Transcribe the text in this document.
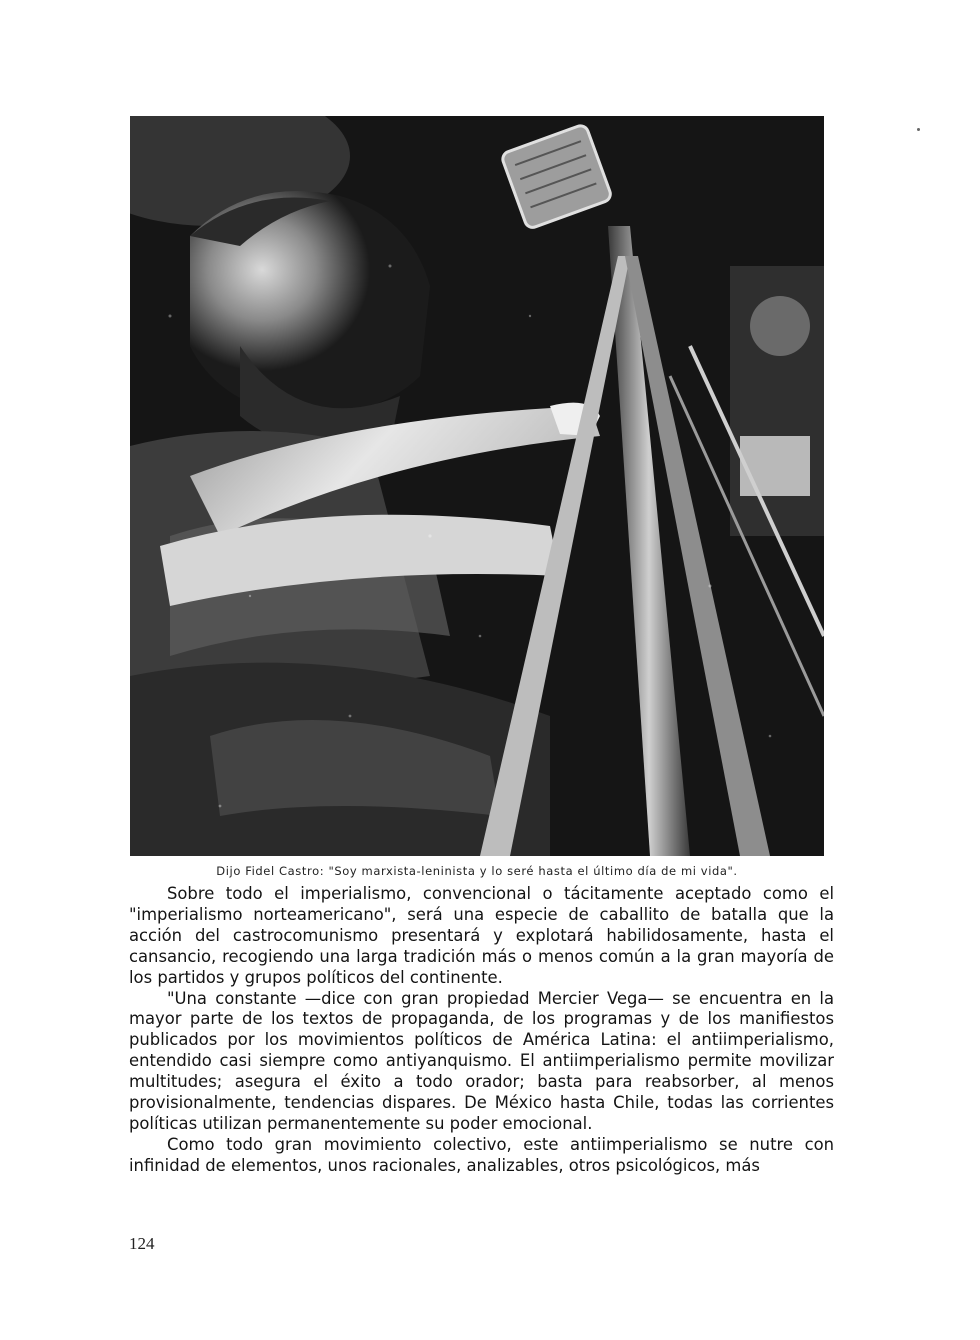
Dijo Fidel Castro: "Soy marxista-leninista y lo seré hasta el último día de mi vida".

Sobre todo el imperialismo, convencional o tácitamente aceptado como el "imperialismo norteamericano", será una especie de caballito de batalla que la acción del castrocomunismo presentará y explotará habilidosamente, hasta el cansancio, recogiendo una larga tradición más o menos común a la gran mayoría de los partidos y grupos políticos del continente.

"Una constante —dice con gran propiedad Mercier Vega— se encuentra en la mayor parte de los textos de propaganda, de los programas y de los manifiestos publicados por los movimientos políticos de América Latina: el antiimperialismo, entendido casi siempre como antiyanquismo. El antiimperialismo permite movilizar multitudes; asegura el éxito a todo orador; basta para reabsorber, al menos provisionalmente, tendencias dispares. De México hasta Chile, todas las corrientes políticas utilizan permanentemente su poder emocional.

Como todo gran movimiento colectivo, este antiimperialismo se nutre con infinidad de elementos, unos racionales, analizables, otros psicológicos, más

124
